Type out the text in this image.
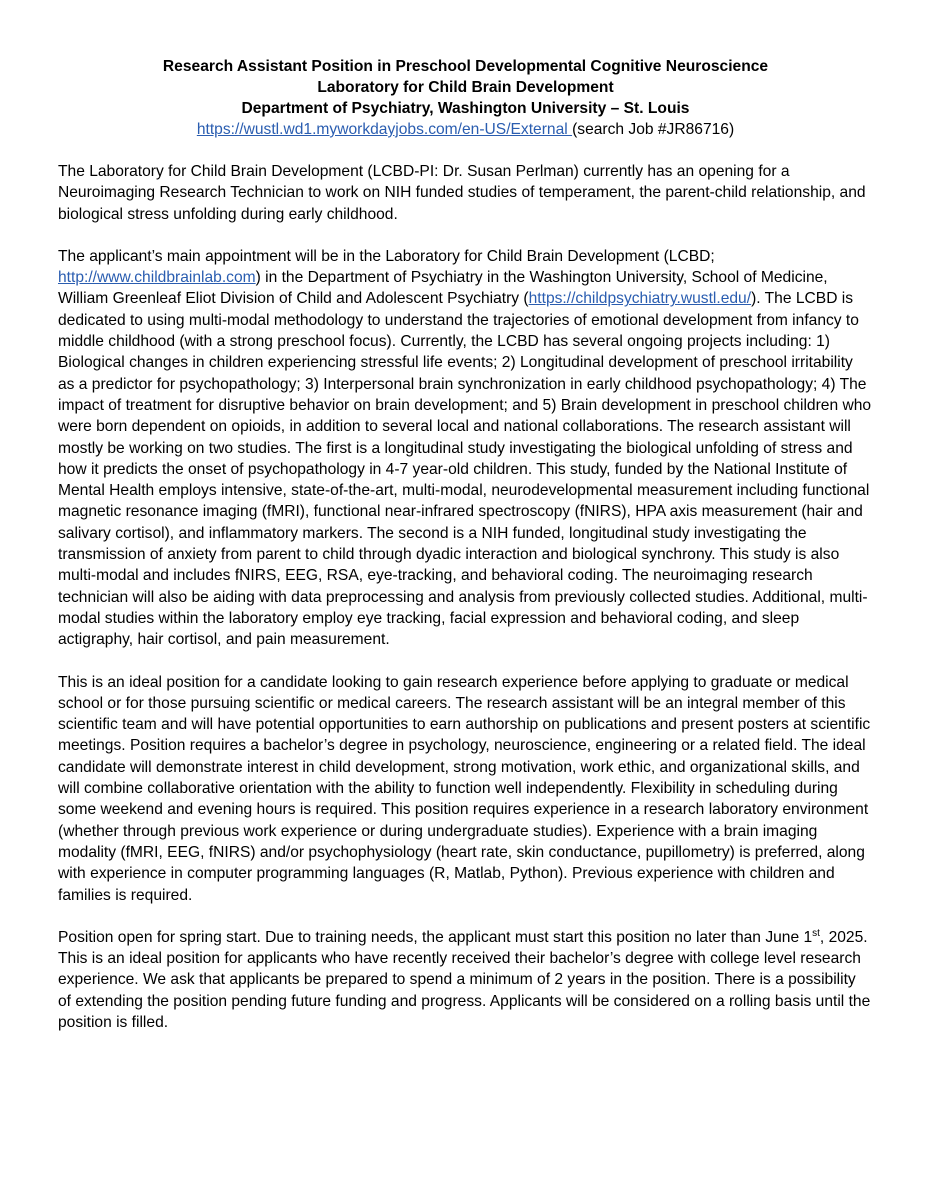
Research Assistant Position in Preschool Developmental Cognitive Neuroscience
Laboratory for Child Brain Development
Department of Psychiatry, Washington University – St. Louis
https://wustl.wd1.myworkdayjobs.com/en-US/External (search Job #JR86716)

The Laboratory for Child Brain Development (LCBD-PI: Dr. Susan Perlman) currently has an opening for a Neuroimaging Research Technician to work on NIH funded studies of temperament, the parent-child relationship, and biological stress unfolding during early childhood.

The applicant’s main appointment will be in the Laboratory for Child Brain Development (LCBD; http://www.childbrainlab.com) in the Department of Psychiatry in the Washington University, School of Medicine, William Greenleaf Eliot Division of Child and Adolescent Psychiatry (https://childpsychiatry.wustl.edu/). The LCBD is dedicated to using multi-modal methodology to understand the trajectories of emotional development from infancy to middle childhood (with a strong preschool focus). Currently, the LCBD has several ongoing projects including: 1) Biological changes in children experiencing stressful life events; 2) Longitudinal development of preschool irritability as a predictor for psychopathology; 3) Interpersonal brain synchronization in early childhood psychopathology; 4) The impact of treatment for disruptive behavior on brain development; and 5) Brain development in preschool children who were born dependent on opioids, in addition to several local and national collaborations. The research assistant will mostly be working on two studies. The first is a longitudinal study investigating the biological unfolding of stress and how it predicts the onset of psychopathology in 4-7 year-old children. This study, funded by the National Institute of Mental Health employs intensive, state-of-the-art, multi-modal, neurodevelopmental measurement including functional magnetic resonance imaging (fMRI), functional near-infrared spectroscopy (fNIRS), HPA axis measurement (hair and salivary cortisol), and inflammatory markers. The second is a NIH funded, longitudinal study investigating the transmission of anxiety from parent to child through dyadic interaction and biological synchrony. This study is also multi-modal and includes fNIRS, EEG, RSA, eye-tracking, and behavioral coding. The neuroimaging research technician will also be aiding with data preprocessing and analysis from previously collected studies. Additional, multi-modal studies within the laboratory employ eye tracking, facial expression and behavioral coding, and sleep actigraphy, hair cortisol, and pain measurement.

This is an ideal position for a candidate looking to gain research experience before applying to graduate or medical school or for those pursuing scientific or medical careers. The research assistant will be an integral member of this scientific team and will have potential opportunities to earn authorship on publications and present posters at scientific meetings. Position requires a bachelor’s degree in psychology, neuroscience, engineering or a related field. The ideal candidate will demonstrate interest in child development, strong motivation, work ethic, and organizational skills, and will combine collaborative orientation with the ability to function well independently. Flexibility in scheduling during some weekend and evening hours is required. This position requires experience in a research laboratory environment (whether through previous work experience or during undergraduate studies). Experience with a brain imaging modality (fMRI, EEG, fNIRS) and/or psychophysiology (heart rate, skin conductance, pupillometry) is preferred, along with experience in computer programming languages (R, Matlab, Python). Previous experience with children and families is required.

Position open for spring start. Due to training needs, the applicant must start this position no later than June 1st, 2025. This is an ideal position for applicants who have recently received their bachelor’s degree with college level research experience. We ask that applicants be prepared to spend a minimum of 2 years in the position. There is a possibility of extending the position pending future funding and progress. Applicants will be considered on a rolling basis until the position is filled.
